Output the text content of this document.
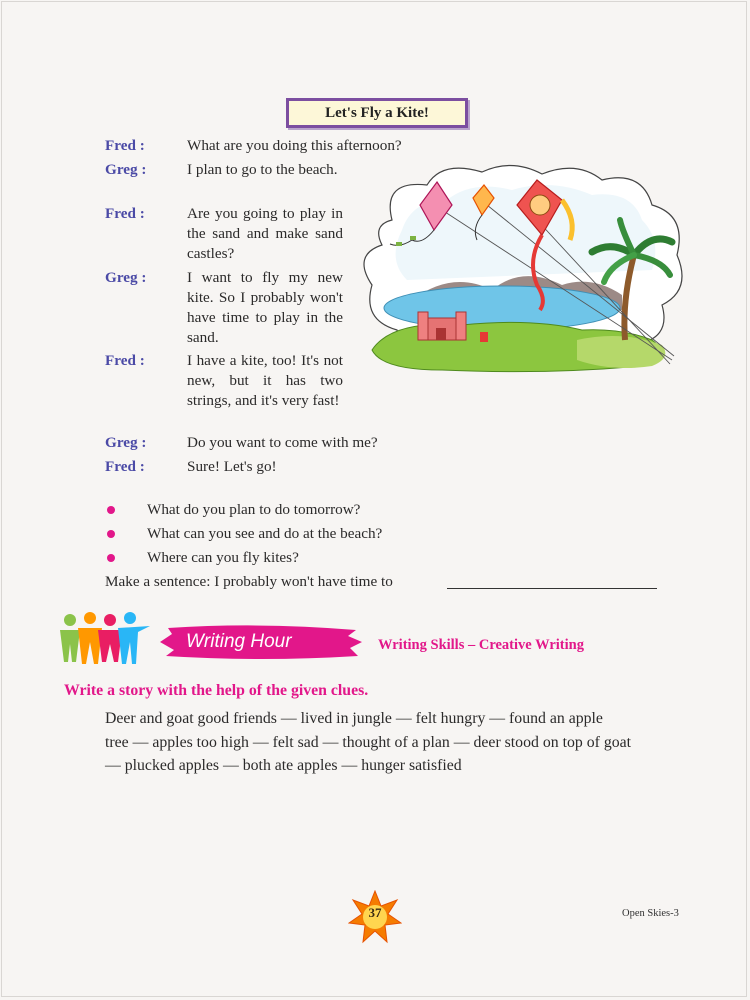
Let's Fly a Kite!
Fred :	What are you doing this afternoon?
Greg :	I plan to go to the beach.
Fred :	Are you going to play in the sand and make sand castles?
Greg :	I want to fly my new kite. So I probably won't have time to play in the sand.
Fred :	I have a kite, too! It's not new, but it has two strings, and it's very fast!
Greg :	Do you want to come with me?
Fred :	Sure! Let's go!
What do you plan to do tomorrow?
What can you see and do at the beach?
Where can you fly kites?
Make a sentence: I probably won't have time to
Writing Hour	Writing Skills – Creative Writing
Write a story with the help of the given clues.
Deer and goat good friends — lived in jungle — felt hungry — found an apple
tree — apples too high — felt sad — thought of a plan — deer stood on top of goat
— plucked apples — both ate apples — hunger satisfied
37	Open Skies-3
